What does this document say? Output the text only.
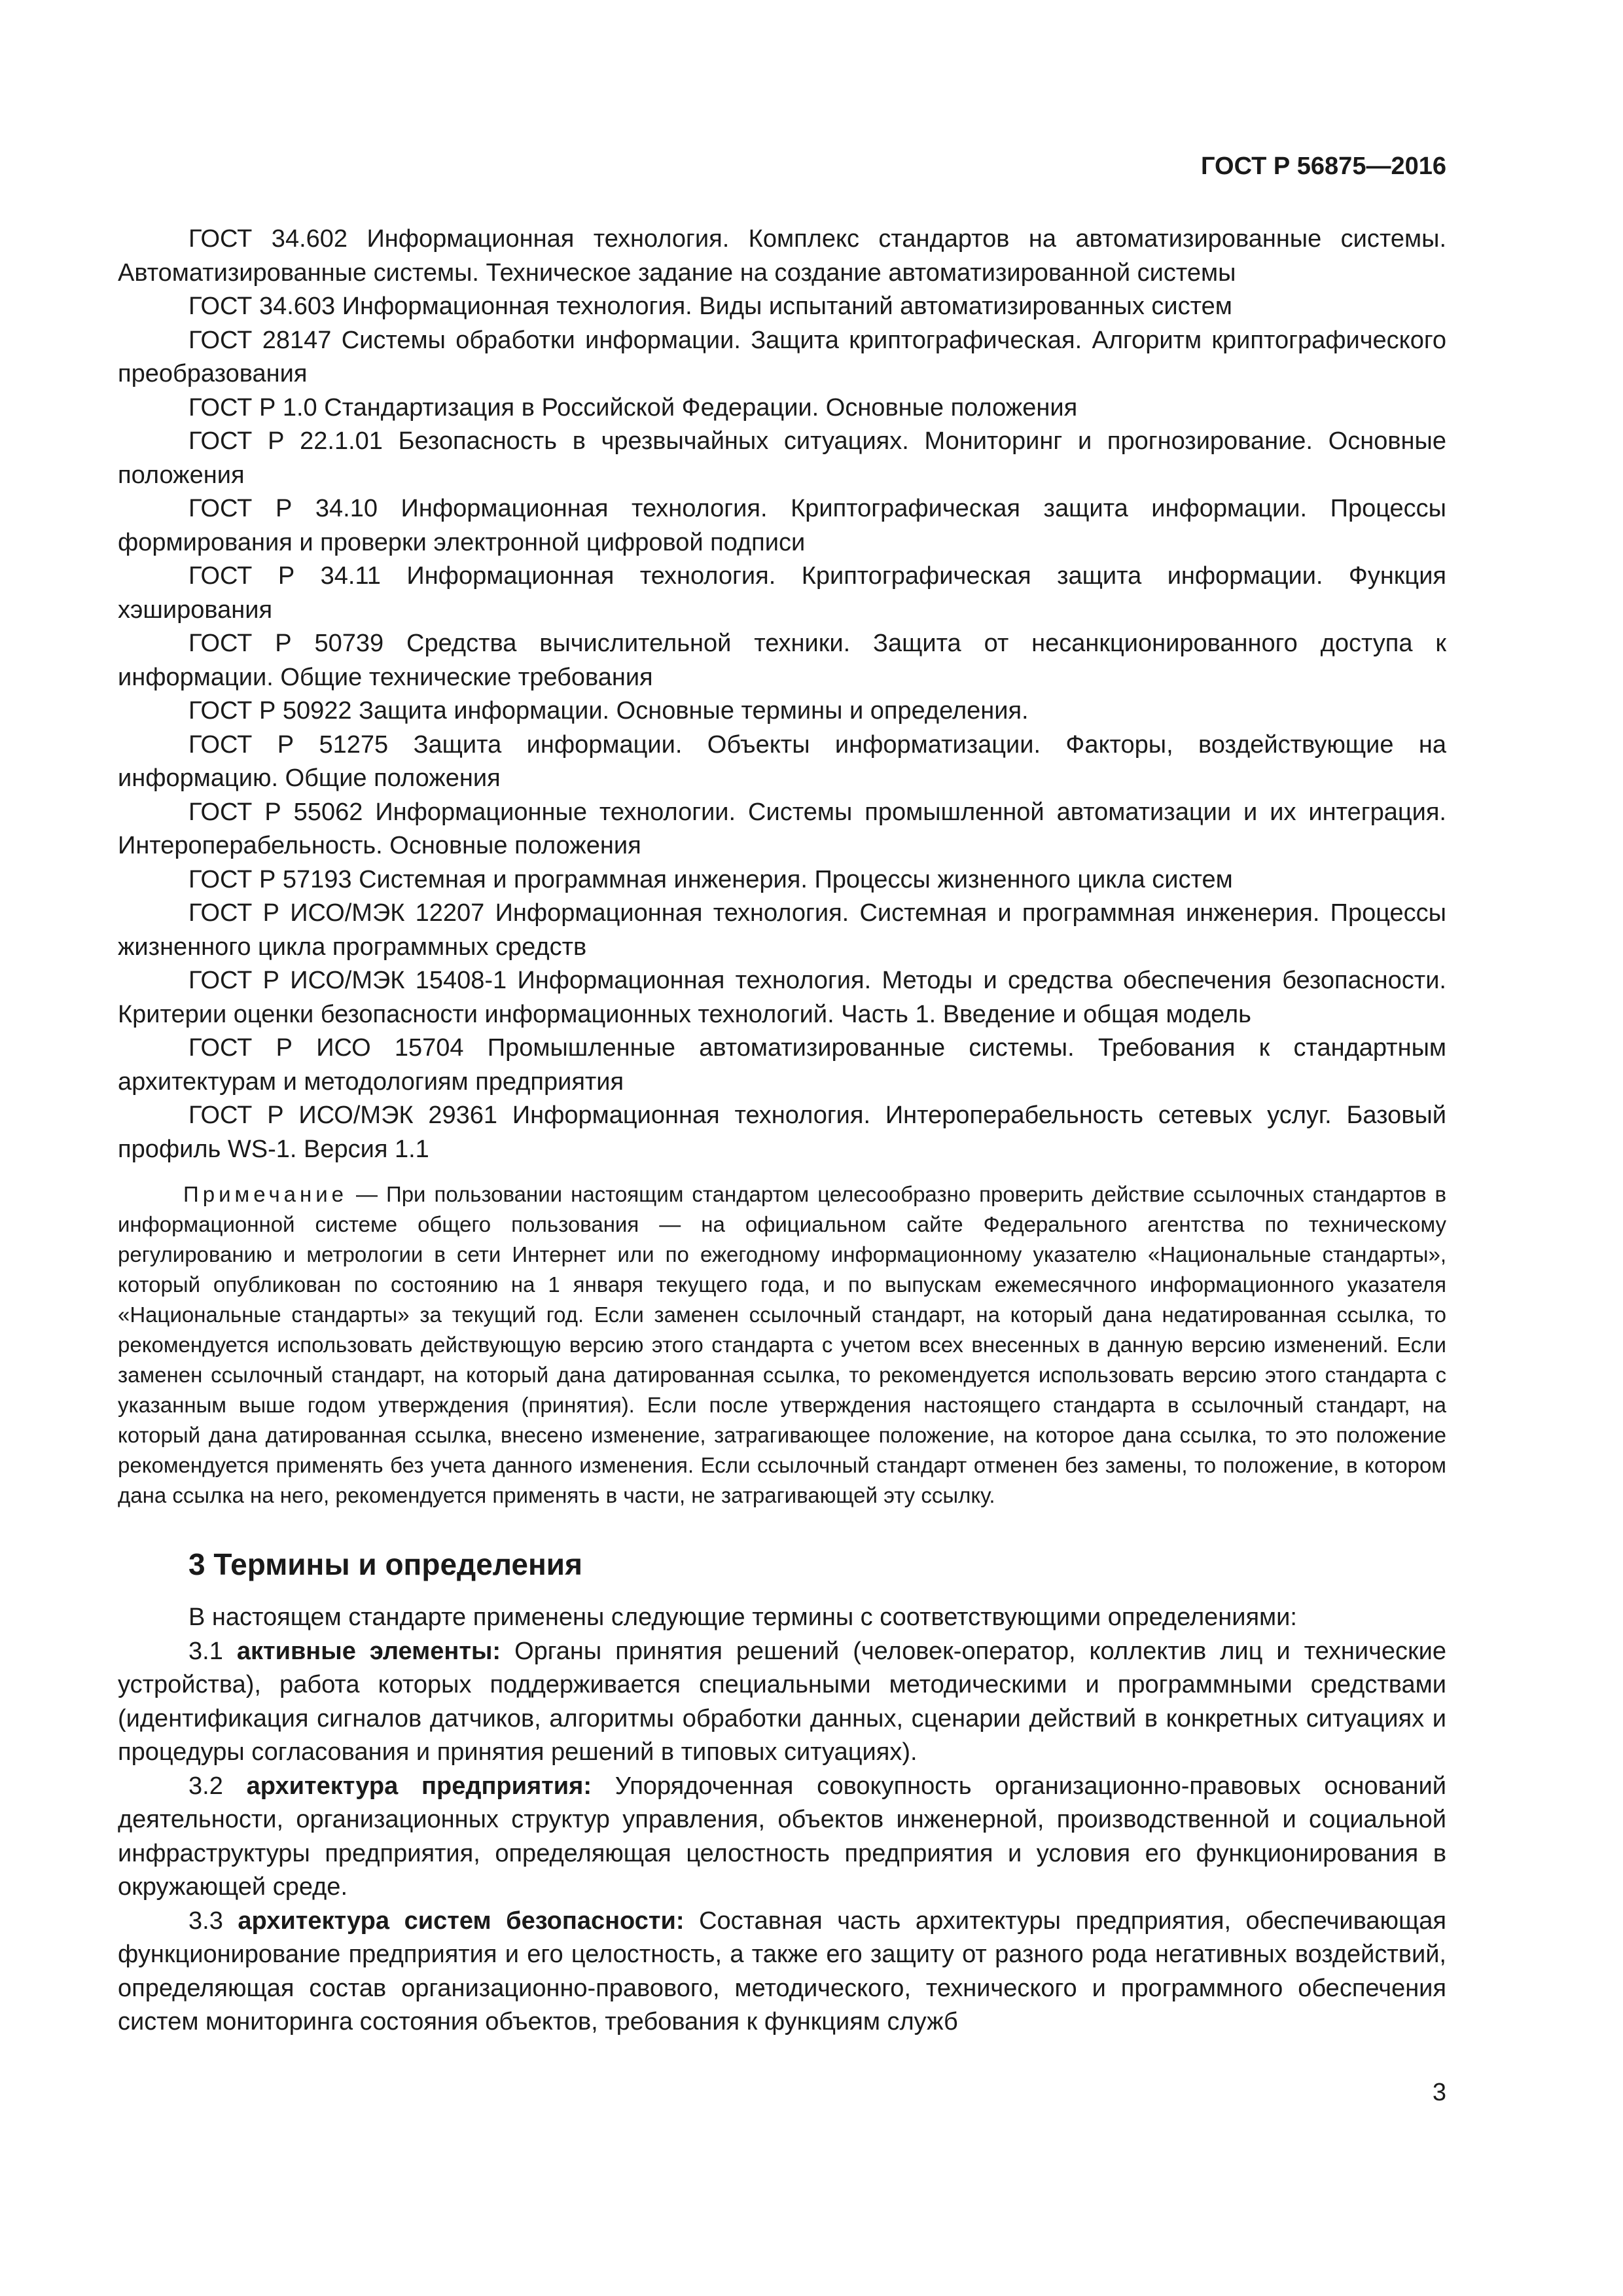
ГОСТ Р 56875—2016

ГОСТ 34.602 Информационная технология. Комплекс стандартов на автоматизированные системы. Автоматизированные системы. Техническое задание на создание автоматизированной системы

ГОСТ 34.603 Информационная технология. Виды испытаний автоматизированных систем

ГОСТ 28147 Системы обработки информации. Защита криптографическая. Алгоритм криптографического преобразования

ГОСТ Р 1.0 Стандартизация в Российской Федерации. Основные положения

ГОСТ Р 22.1.01 Безопасность в чрезвычайных ситуациях. Мониторинг и прогнозирование. Основные положения

ГОСТ Р 34.10 Информационная технология. Криптографическая защита информации. Процессы формирования и проверки электронной цифровой подписи

ГОСТ Р 34.11 Информационная технология. Криптографическая защита информации. Функция хэширования

ГОСТ Р 50739 Средства вычислительной техники. Защита от несанкционированного доступа к информации. Общие технические требования

ГОСТ Р 50922 Защита информации. Основные термины и определения.

ГОСТ Р 51275 Защита информации. Объекты информатизации. Факторы, воздействующие на информацию. Общие положения

ГОСТ Р 55062 Информационные технологии. Системы промышленной автоматизации и их интеграция. Интероперабельность. Основные положения

ГОСТ Р 57193 Системная и программная инженерия. Процессы жизненного цикла систем

ГОСТ Р ИСО/МЭК 12207 Информационная технология. Системная и программная инженерия. Процессы жизненного цикла программных средств

ГОСТ Р ИСО/МЭК 15408-1 Информационная технология. Методы и средства обеспечения безопасности. Критерии оценки безопасности информационных технологий. Часть 1. Введение и общая модель

ГОСТ Р ИСО 15704 Промышленные автоматизированные системы. Требования к стандартным архитектурам и методологиям предприятия

ГОСТ Р ИСО/МЭК 29361 Информационная технология. Интероперабельность сетевых услуг. Базовый профиль WS-1. Версия 1.1

Примечание — При пользовании настоящим стандартом целесообразно проверить действие ссылочных стандартов в информационной системе общего пользования — на официальном сайте Федерального агентства по техническому регулированию и метрологии в сети Интернет или по ежегодному информационному указателю «Национальные стандарты», который опубликован по состоянию на 1 января текущего года, и по выпускам ежемесячного информационного указателя «Национальные стандарты» за текущий год. Если заменен ссылочный стандарт, на который дана недатированная ссылка, то рекомендуется использовать действующую версию этого стандарта с учетом всех внесенных в данную версию изменений. Если заменен ссылочный стандарт, на который дана датированная ссылка, то рекомендуется использовать версию этого стандарта с указанным выше годом утверждения (принятия). Если после утверждения настоящего стандарта в ссылочный стандарт, на который дана датированная ссылка, внесено изменение, затрагивающее положение, на которое дана ссылка, то это положение рекомендуется применять без учета данного изменения. Если ссылочный стандарт отменен без замены, то положение, в котором дана ссылка на него, рекомендуется применять в части, не затрагивающей эту ссылку.

3 Термины и определения

В настоящем стандарте применены следующие термины с соответствующими определениями:

3.1 активные элементы: Органы принятия решений (человек-оператор, коллектив лиц и технические устройства), работа которых поддерживается специальными методическими и программными средствами (идентификация сигналов датчиков, алгоритмы обработки данных, сценарии действий в конкретных ситуациях и процедуры согласования и принятия решений в типовых ситуациях).

3.2 архитектура предприятия: Упорядоченная совокупность организационно-правовых оснований деятельности, организационных структур управления, объектов инженерной, производственной и социальной инфраструктуры предприятия, определяющая целостность предприятия и условия его функционирования в окружающей среде.

3.3 архитектура систем безопасности: Составная часть архитектуры предприятия, обеспечивающая функционирование предприятия и его целостность, а также его защиту от разного рода негативных воздействий, определяющая состав организационно-правового, методического, технического и программного обеспечения систем мониторинга состояния объектов, требования к функциям служб

3
